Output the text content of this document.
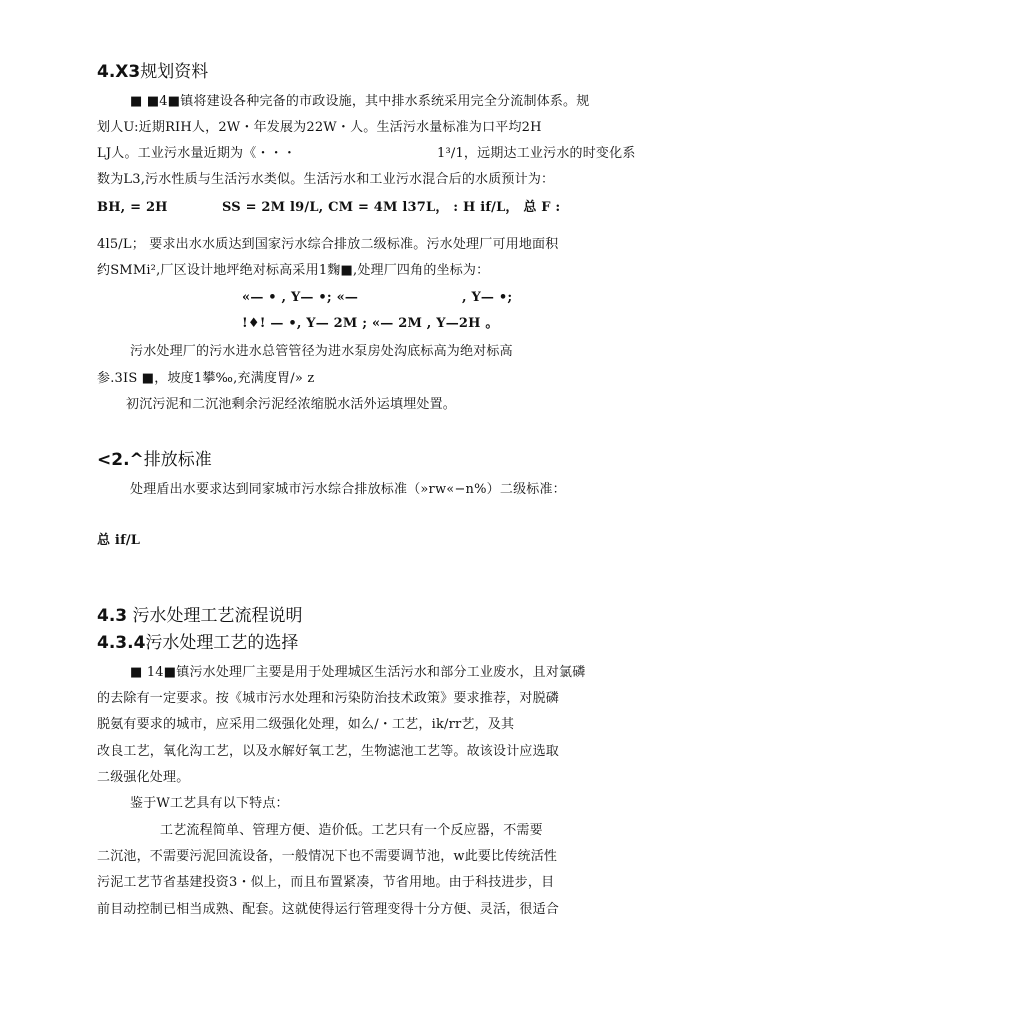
4.X3规划资料
■ ■4■镇将建设各种完备的市政设施，其中排水系统采用完全分流制体系。规
划人U:近期RIH人，2W・年发展为22W・人。生活污水量标准为口平均2H
LJ人。工业污水量近期为《・・・	1³/1，远期达工业污水的时变化系
数为L3,污水性质与生活污水类似。生活污水和工业污水混合后的水质预计为：
BH, = 2H	SS = 2M l9/L, CM = 4M l37L， : H if/L， 总 F :
4l5/L； 要求出水水质达到国家污水综合排放二级标准。污水处理厂可用地面积
约SMMi²,厂区设计地坪绝对标高采用1麴■,处理厂四角的坐标为：
«— • , Y— •; «—	, Y— •;
!♦! — •, Y— 2M ; «— 2M , Y—2H 。
污水处理厂的污水进水总管管径为进水泵房处沟底标高为绝对标高
参.3IS ■，坡度1攀‰,充满度胃/» z
初沉污泥和二沉池剩余污泥经浓缩脱水活外运填埋处置。
<2.^排放标准
处理盾出水要求达到同家城市污水综合排放标准（»rw«−n%）二级标准：
总 if/L
4.3 污水处理工艺流程说明
4.3.4污水处理工艺的选择
■ 14■镇污水处理厂主要是用于处理城区生活污水和部分工业废水，且对氯磷
的去除有一定要求。按《城市污水处理和污染防治技术政策》要求推荐，对脱磷
脱氨有要求的城市，应采用二级强化处理，如么/・工艺，ik/rr艺，及其
改良工艺，氧化沟工艺，以及水解好氧工艺，生物滤池工艺等。故该设计应选取
二级强化处理。
鉴于W工艺具有以下特点：
工艺流程简单、管理方便、造价低。工艺只有一个反应器，不需要
二沉池，不需要污泥回流设备，一般情况下也不需要调节池，w此要比传统活性
污泥工艺节省基建投资3・似上，而且布置紧凑，节省用地。由于科技进步，目
前目动控制已相当成熟、配套。这就使得运行管理变得十分方便、灵活，很适合
